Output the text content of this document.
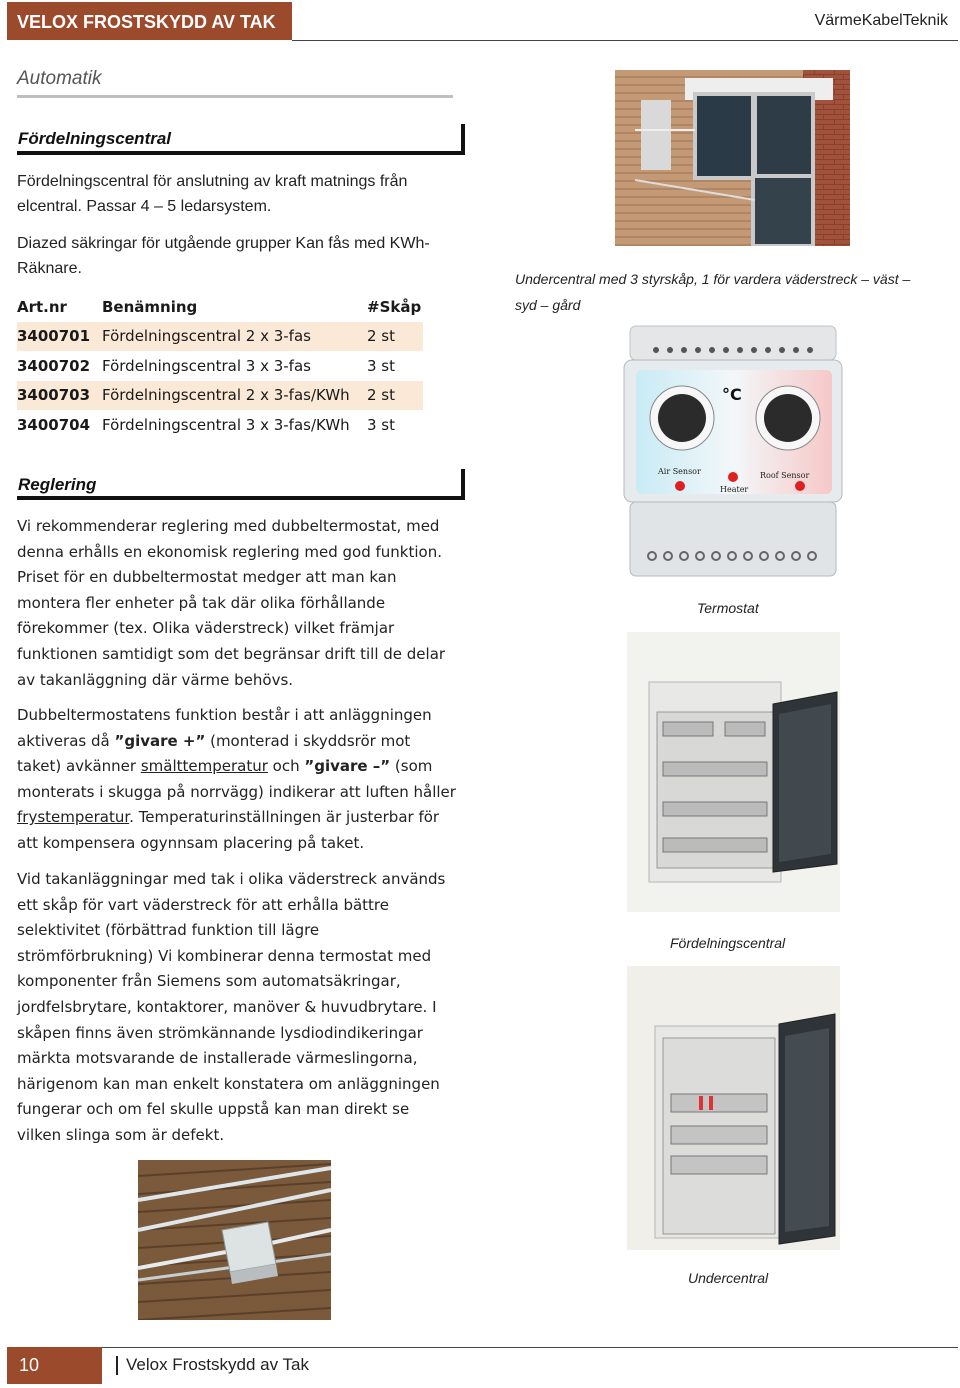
VELOX FROSTSKYDD AV TAK	VärmeKabelTeknik
Automatik
Fördelningscentral
Fördelningscentral för anslutning av kraft matnings från elcentral. Passar 4 – 5 ledarsystem.
Diazed säkringar för utgående grupper Kan fås med KWh-
Räknare.
Art.nr	Benämning	#Skåp
3400701	Fördelningscentral 2 x 3-fas	2 st
3400702	Fördelningscentral 3 x 3-fas	3 st
3400703	Fördelningscentral 2 x 3-fas/KWh	2 st
3400704	Fördelningscentral 3 x 3-fas/KWh	3 st
Reglering
Vi rekommenderar reglering med dubbeltermostat, med denna erhålls en ekonomisk reglering med god funktion. Priset för en dubbeltermostat medger att man kan montera fler enheter på tak där olika förhållande förekommer (tex. Olika väderstreck) vilket främjar funktionen samtidigt som det begränsar drift till de delar av takanläggning där värme behövs.
Dubbeltermostatens funktion består i att anläggningen aktiveras då ”givare +” (monterad i skyddsrör mot taket) avkänner smälttemperatur och ”givare –” (som monterats i skugga på norrvägg) indikerar att luften håller frystemperatur. Temperaturinställningen är justerbar för att kompensera ogynnsam placering på taket.
Vid takanläggningar med tak i olika väderstreck används ett skåp för vart väderstreck för att erhålla bättre selektivitet (förbättrad funktion till lägre strömförbrukning) Vi kombinerar denna termostat med komponenter från Siemens som automatsäkringar, jordfelsbrytare, kontaktorer, manöver & huvudbrytare. I skåpen finns även strömkännande lysdiodindikeringar märkta motsvarande de installerade värmeslingorna, härigenom kan man enkelt konstatera om anläggningen fungerar och om fel skulle uppstå kan man direkt se vilken slinga som är defekt.
Undercentral med 3 styrskåp, 1 för vardera väderstreck – väst –
syd – gård
°C
Air Sensor
Heater
Roof Sensor
Termostat
Fördelningscentral
Undercentral
10	Velox Frostskydd av Tak
